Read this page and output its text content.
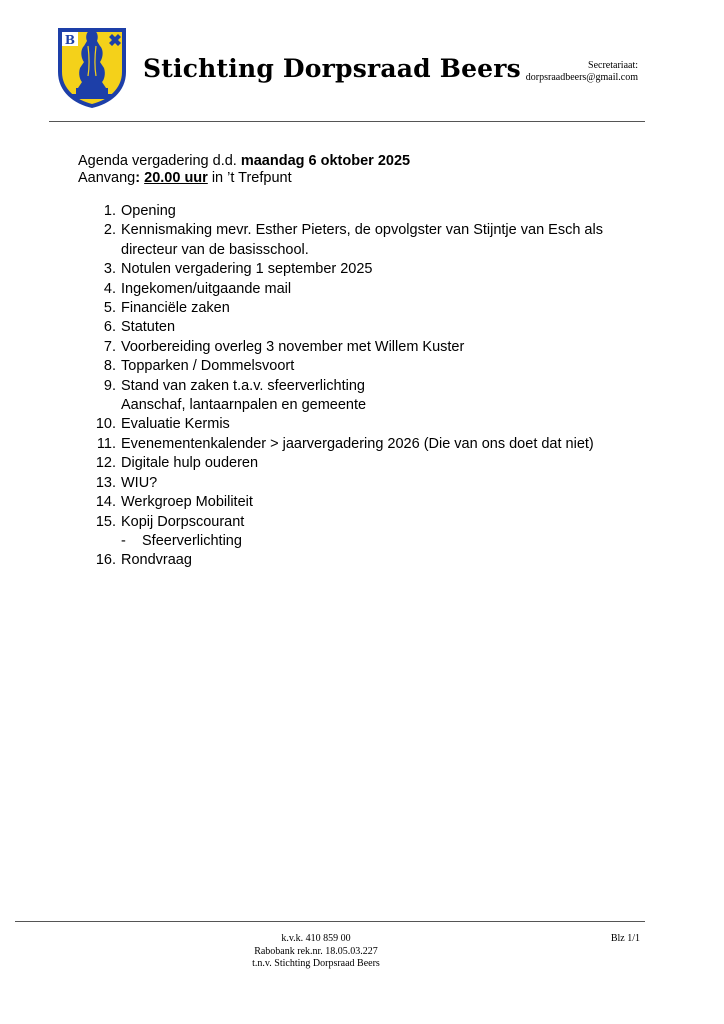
B
Stichting Dorpsraad Beers	Secretariaat:
dorpsraadbeers@gmail.com
Agenda vergadering d.d. maandag 6 oktober 2025
Aanvang: 20.00 uur in ’t Trefpunt
1. Opening
2. Kennismaking mevr. Esther Pieters, de opvolgster van Stijntje van Esch als directeur van de basisschool.
3. Notulen vergadering 1 september 2025
4. Ingekomen/uitgaande mail
5. Financiële zaken
6. Statuten
7. Voorbereiding overleg 3 november met Willem Kuster
8. Topparken / Dommelsvoort
9. Stand van zaken t.a.v. sfeerverlichting
Aanschaf, lantaarnpalen en gemeente
10. Evaluatie Kermis
11. Evenementenkalender > jaarvergadering 2026 (Die van ons doet dat niet)
12. Digitale hulp ouderen
13. WIU?
14. Werkgroep Mobiliteit
15. Kopij Dorpscourant
- Sfeerverlichting
16. Rondvraag
k.v.k. 410 859 00
Rabobank rek.nr. 18.05.03.227
t.n.v. Stichting Dorpsraad Beers
Blz 1/1
